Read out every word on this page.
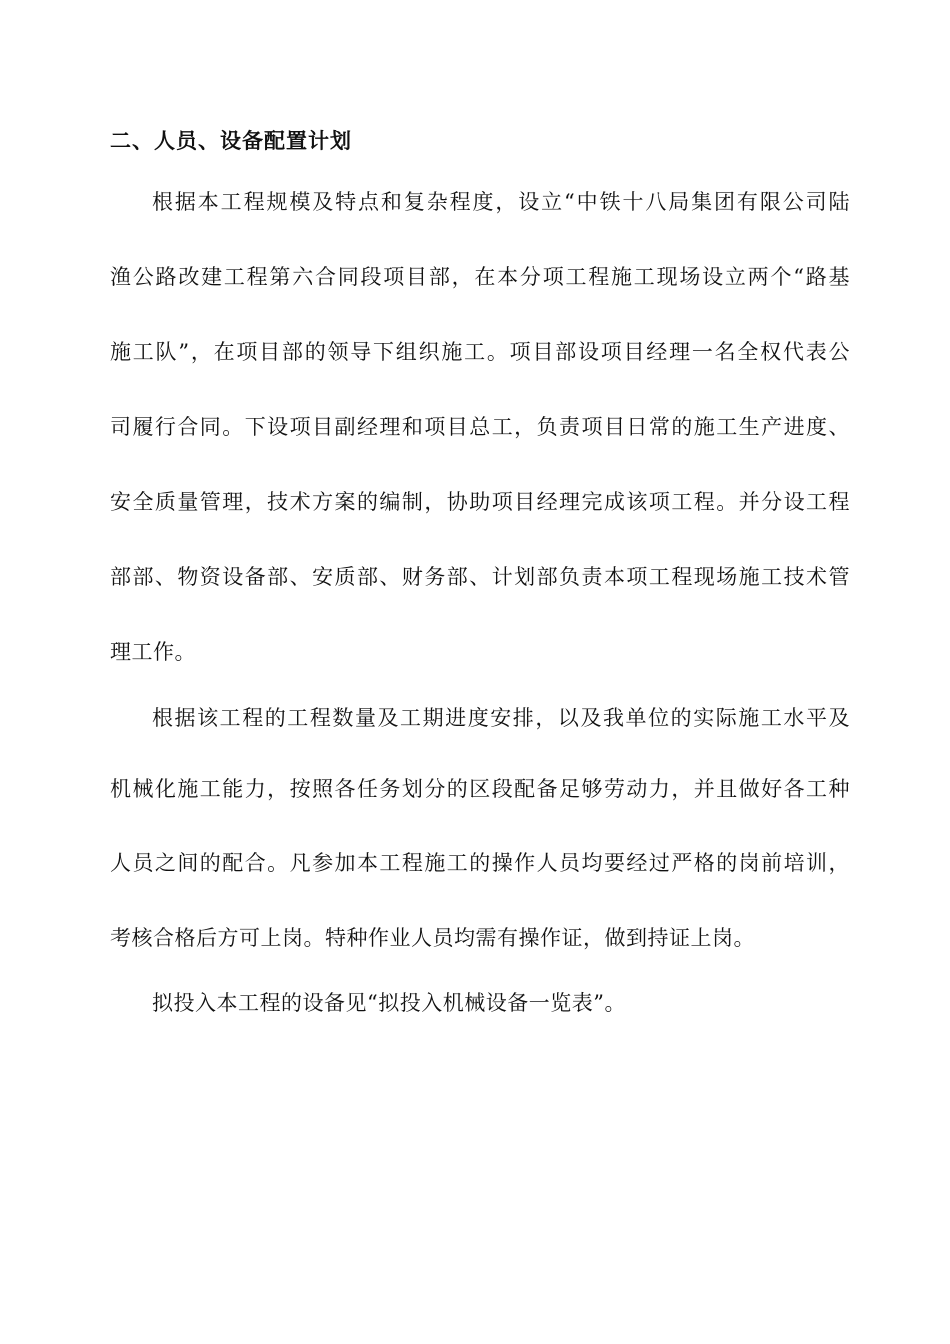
二、人员、设备配置计划
根据本工程规模及特点和复杂程度，设立“中铁十八局集团有限公司陆
渔公路改建工程第六合同段项目部，在本分项工程施工现场设立两个“路基
施工队”，在项目部的领导下组织施工。项目部设项目经理一名全权代表公
司履行合同。下设项目副经理和项目总工，负责项目日常的施工生产进度、
安全质量管理，技术方案的编制，协助项目经理完成该项工程。并分设工程
部部、物资设备部、安质部、财务部、计划部负责本项工程现场施工技术管
理工作。
根据该工程的工程数量及工期进度安排，以及我单位的实际施工水平及
机械化施工能力，按照各任务划分的区段配备足够劳动力，并且做好各工种
人员之间的配合。凡参加本工程施工的操作人员均要经过严格的岗前培训，
考核合格后方可上岗。特种作业人员均需有操作证，做到持证上岗。
拟投入本工程的设备见“拟投入机械设备一览表”。
